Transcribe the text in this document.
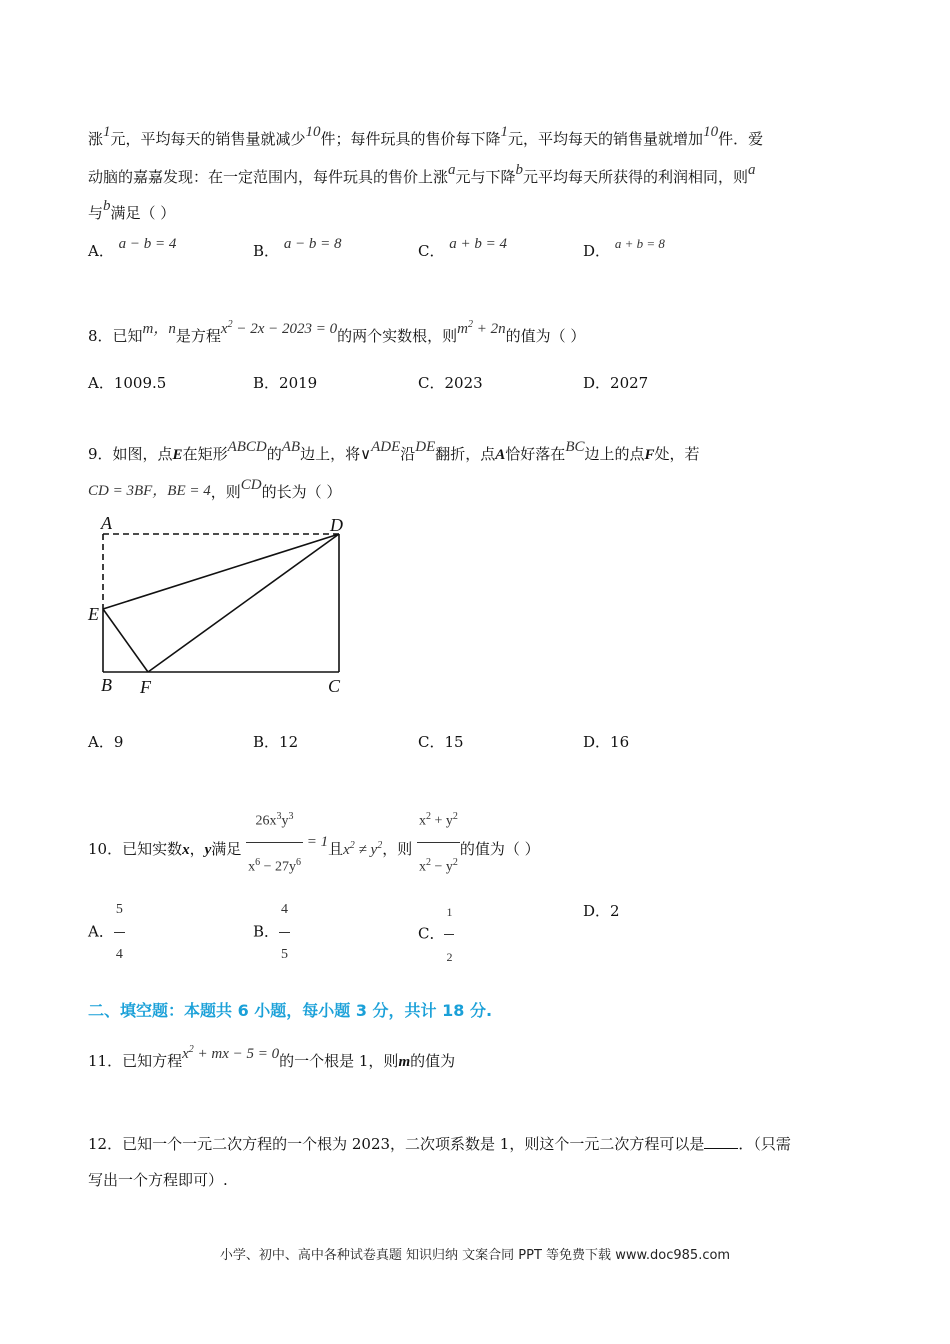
涨1元，平均每天的销售量就减少10件；每件玩具的售价每下降1元，平均每天的销售量就增加10件．爱
动脑的嘉嘉发现：在一定范围内，每件玩具的售价上涨a元与下降b元平均每天所获得的利润相同，则a
与b满足（ ）
A． a − b = 4	B． a − b = 8	C． a + b = 4	D． a + b = 8
8．已知m，n是方程$x^2 - 2x - 2023 = 0$的两个实数根，则$m^2 + 2n$的值为（ ）
A．1009.5	B．2019	C．2023	D．2027
9．如图，点E在矩形ABCD的AB边上，将∨ADE沿DE翻折，点A恰好落在BC边上的点F处，若
CD = 3BF，BE = 4，则CD的长为（ ）
A	D
E
B F	C
A．9	B．12	C．15	D．16
10．已知实数x，y满足 $\frac{26x^3y^3}{x^6 - 27y^6} = 1$且$x^2 \ne y^2$，则 $\frac{x^2 + y^2}{x^2 - y^2}$ 的值为（ ）
A． $\frac{5}{4}$	B． $\frac{4}{5}$	C． $\frac{1}{2}$	D．2
二、填空题：本题共 6 小题，每小题 3 分，共计 18 分.
11．已知方程$x^2$ + mx − 5 = 0的一个根是 1，则m的值为
12．已知一个一元二次方程的一个根为 2023，二次项系数是 1，则这个一元二次方程可以是 ．（只需
写出一个方程即可）.
小学、初中、高中各种试卷真题 知识归纳 文案合同 PPT 等免费下载 www.doc985.com
